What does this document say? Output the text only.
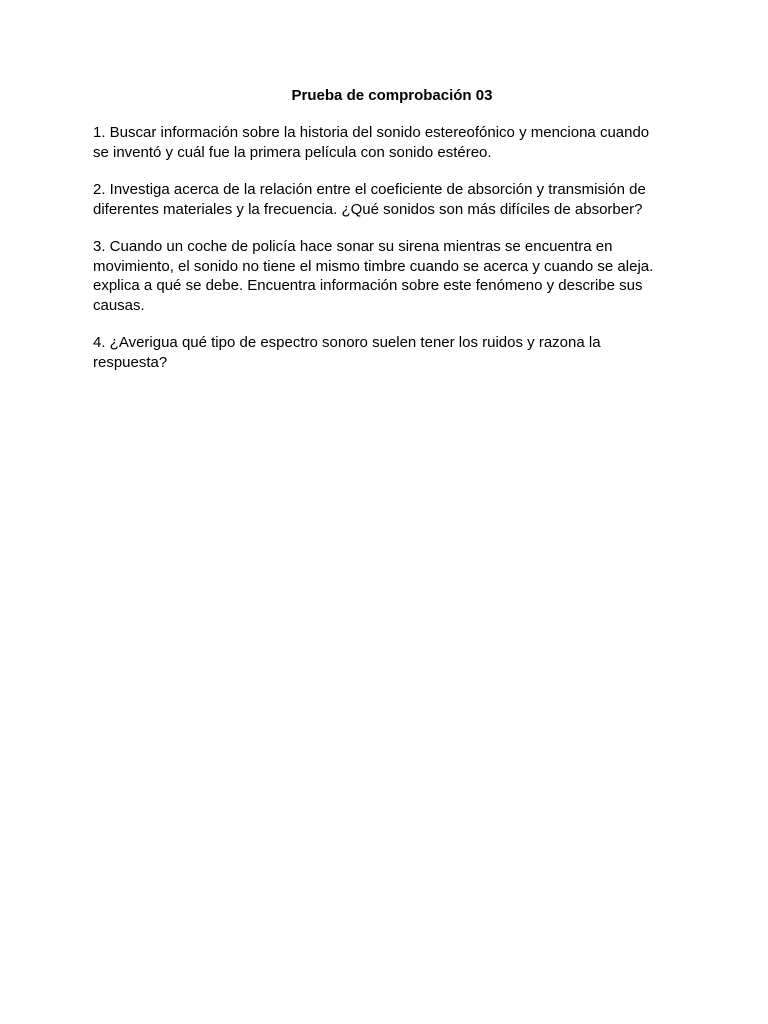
Prueba de comprobación 03
1. Buscar información sobre la historia del sonido estereofónico y menciona cuando
se inventó y cuál fue la primera película con sonido estéreo.
2. Investiga acerca de la relación entre el coeficiente de absorción y transmisión de
diferentes materiales y la frecuencia. ¿Qué sonidos son más difíciles de absorber?
3. Cuando un coche de policía hace sonar su sirena mientras se encuentra en
movimiento, el sonido no tiene el mismo timbre cuando se acerca y cuando se aleja.
explica a qué se debe. Encuentra información sobre este fenómeno y describe sus
causas.
4. ¿Averigua qué tipo de espectro sonoro suelen tener los ruidos y razona la
respuesta?
